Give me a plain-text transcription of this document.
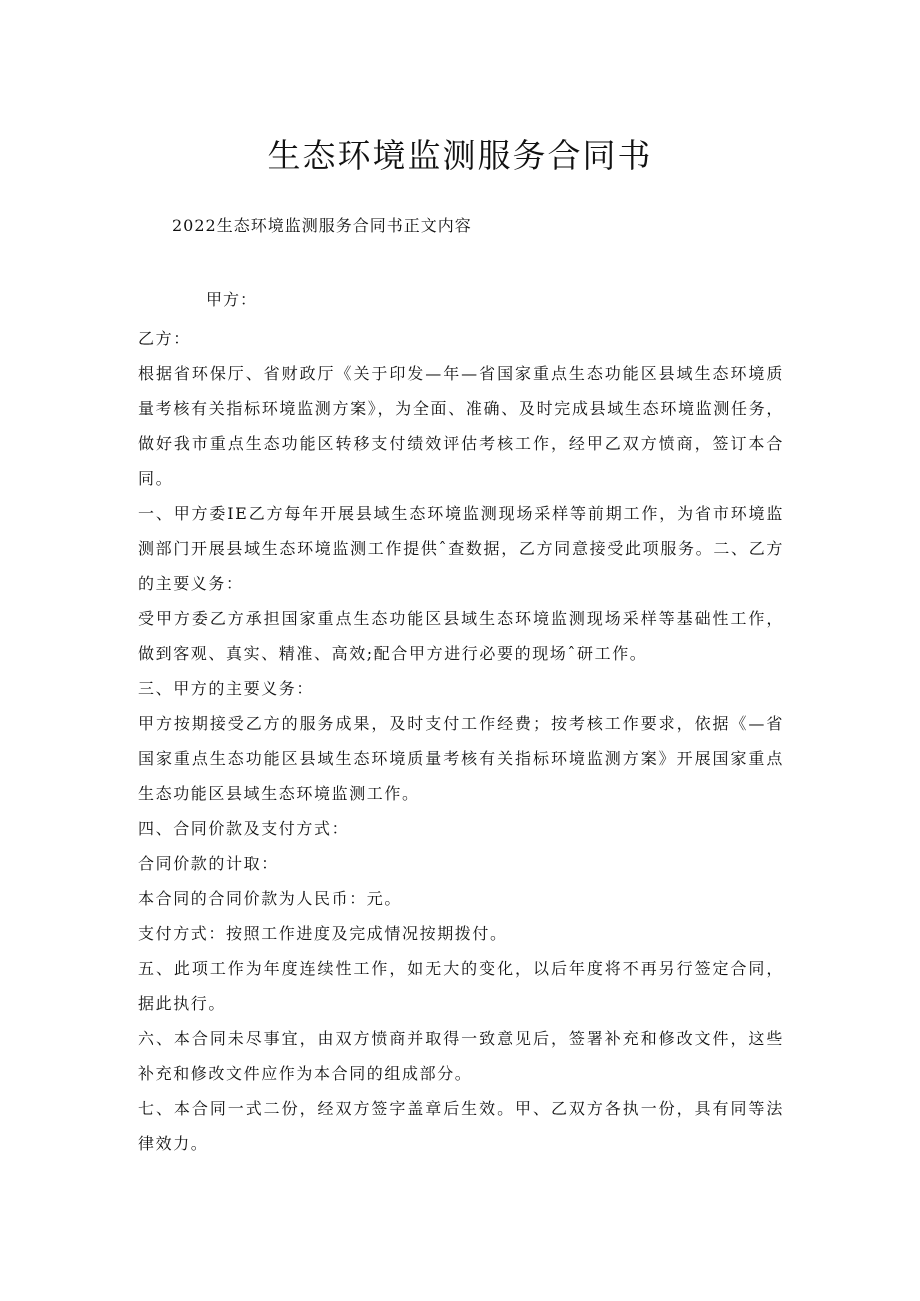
生态环境监测服务合同书

2022生态环境监测服务合同书正文内容

甲方：

乙方：

根据省环保厅、省财政厅《关于印发—年—省国家重点生态功能区县域生态环境质量考核有关指标环境监测方案》，为全面、准确、及时完成县域生态环境监测任务，做好我市重点生态功能区转移支付绩效评估考核工作，经甲乙双方愤商，签订本合同。

一、甲方委IE乙方每年开展县域生态环境监测现场采样等前期工作，为省市环境监测部门开展县域生态环境监测工作提供ˆ查数据，乙方同意接受此项服务。二、乙方的主要义务：

受甲方委乙方承担国家重点生态功能区县域生态环境监测现场采样等基础性工作，做到客观、真实、精准、高效;配合甲方进行必要的现场ˆ研工作。

三、甲方的主要义务：

甲方按期接受乙方的服务成果，及时支付工作经费；按考核工作要求，依据《—省国家重点生态功能区县域生态环境质量考核有关指标环境监测方案》开展国家重点生态功能区县域生态环境监测工作。

四、合同价款及支付方式：

合同价款的计取：

本合同的合同价款为人民币：元。

支付方式：按照工作进度及完成情况按期拨付。

五、此项工作为年度连续性工作，如无大的变化，以后年度将不再另行签定合同，据此执行。

六、本合同未尽事宜，由双方愤商并取得一致意见后，签署补充和修改文件，这些补充和修改文件应作为本合同的组成部分。

七、本合同一式二份，经双方签字盖章后生效。甲、乙双方各执一份，具有同等法律效力。
